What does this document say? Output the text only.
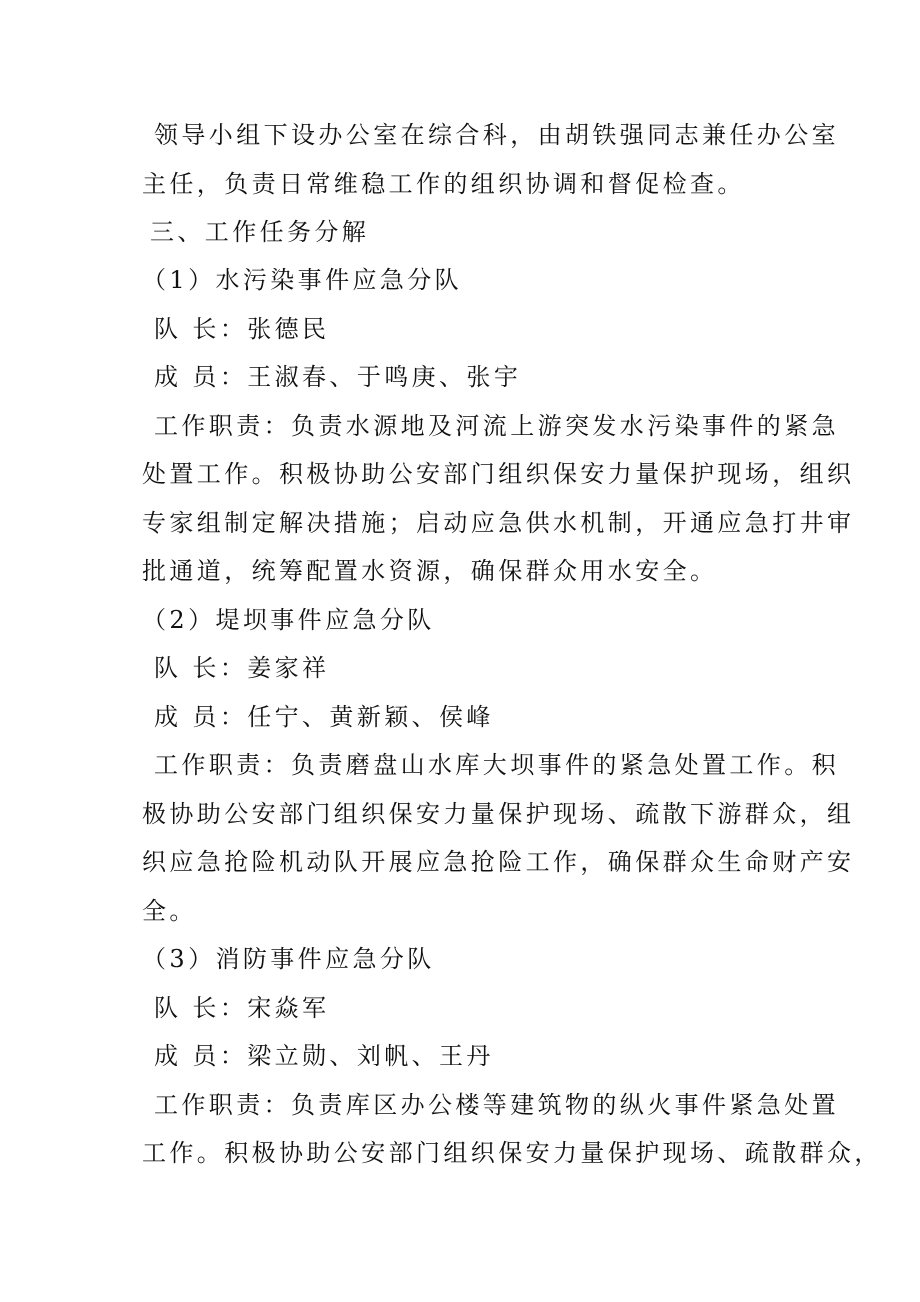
领导小组下设办公室在综合科，由胡铁强同志兼任办公室
主任，负责日常维稳工作的组织协调和督促检查。
三、工作任务分解
（1）水污染事件应急分队
队 长：张德民
成 员：王淑春、于鸣庚、张宇
工作职责：负责水源地及河流上游突发水污染事件的紧急
处置工作。积极协助公安部门组织保安力量保护现场，组织
专家组制定解决措施；启动应急供水机制，开通应急打井审
批通道，统筹配置水资源，确保群众用水安全。
（2）堤坝事件应急分队
队 长：姜家祥
成 员：任宁、黄新颖、侯峰
工作职责：负责磨盘山水库大坝事件的紧急处置工作。积
极协助公安部门组织保安力量保护现场、疏散下游群众，组
织应急抢险机动队开展应急抢险工作，确保群众生命财产安
全。
（3）消防事件应急分队
队 长：宋焱军
成 员：梁立勋、刘帆、王丹
工作职责：负责库区办公楼等建筑物的纵火事件紧急处置
工作。积极协助公安部门组织保安力量保护现场、疏散群众，
